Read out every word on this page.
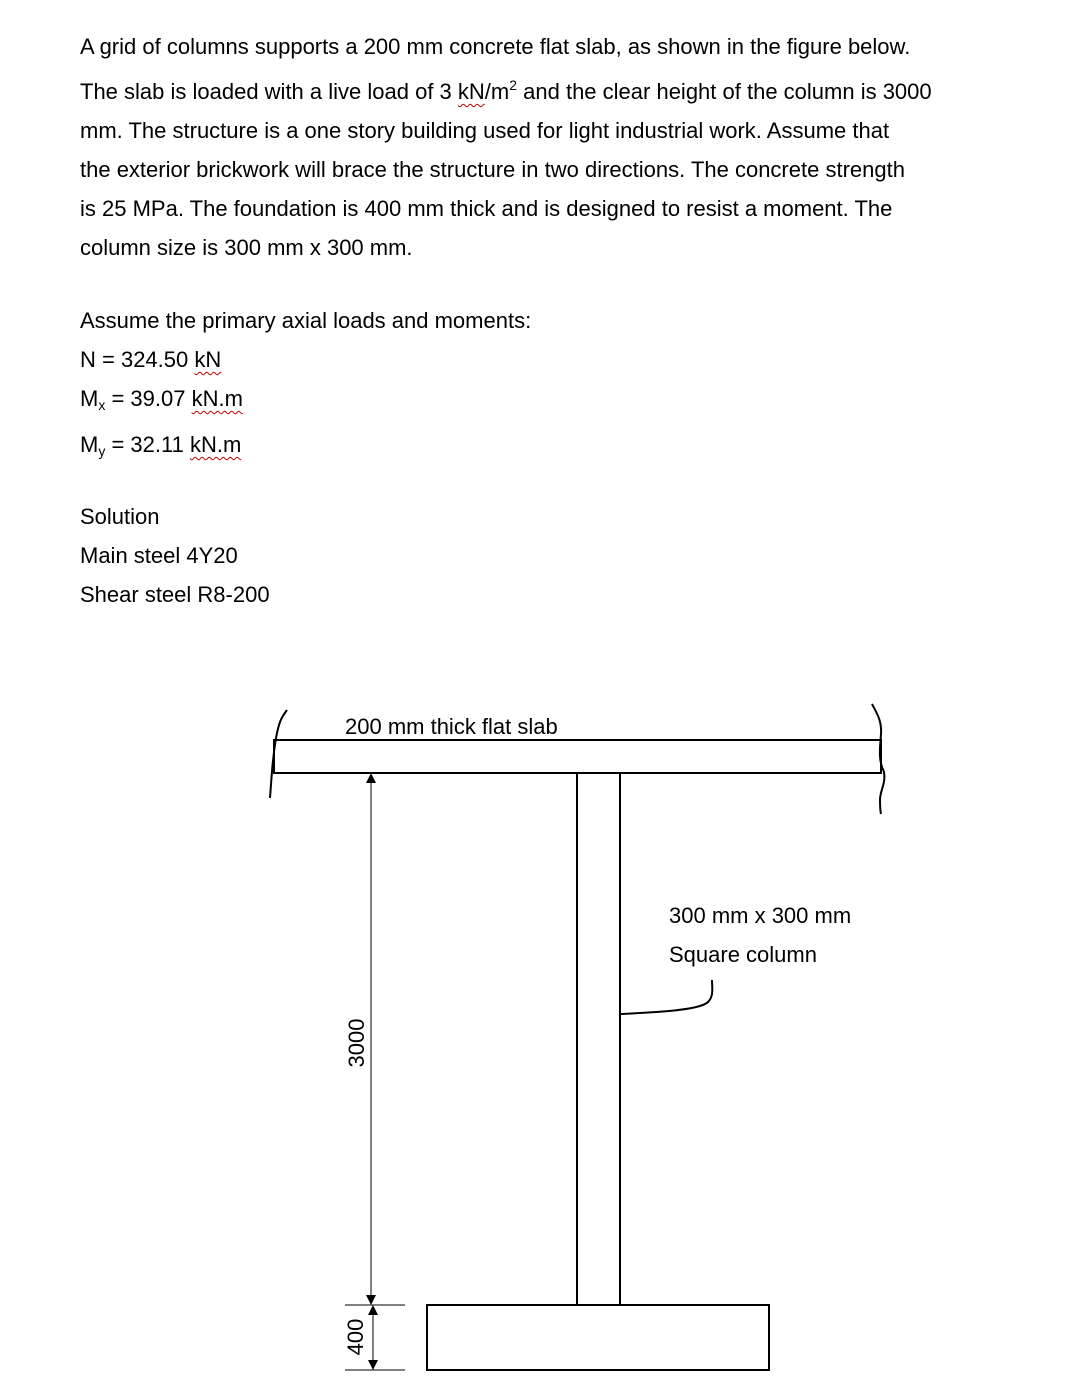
A grid of columns supports a 200 mm concrete flat slab, as shown in the figure below.
The slab is loaded with a live load of 3 $kN/m^2$ and the clear height of the column is 3000
mm. The structure is a one story building used for light industrial work. Assume that
the exterior brickwork will brace the structure in two directions. The concrete strength
is 25 MPa. The foundation is 400 mm thick and is designed to resist a moment. The
column size is 300 mm x 300 mm.
Assume the primary axial loads and moments:
N = 324.50 kN
$M_x = 39.07$ kN.m
$M_y = 32.11$ kN.m
Solution
Main steel 4Y20
Shear steel R8-200
200 mm thick flat slab
300 mm x 300 mm
Square column
3000
400
